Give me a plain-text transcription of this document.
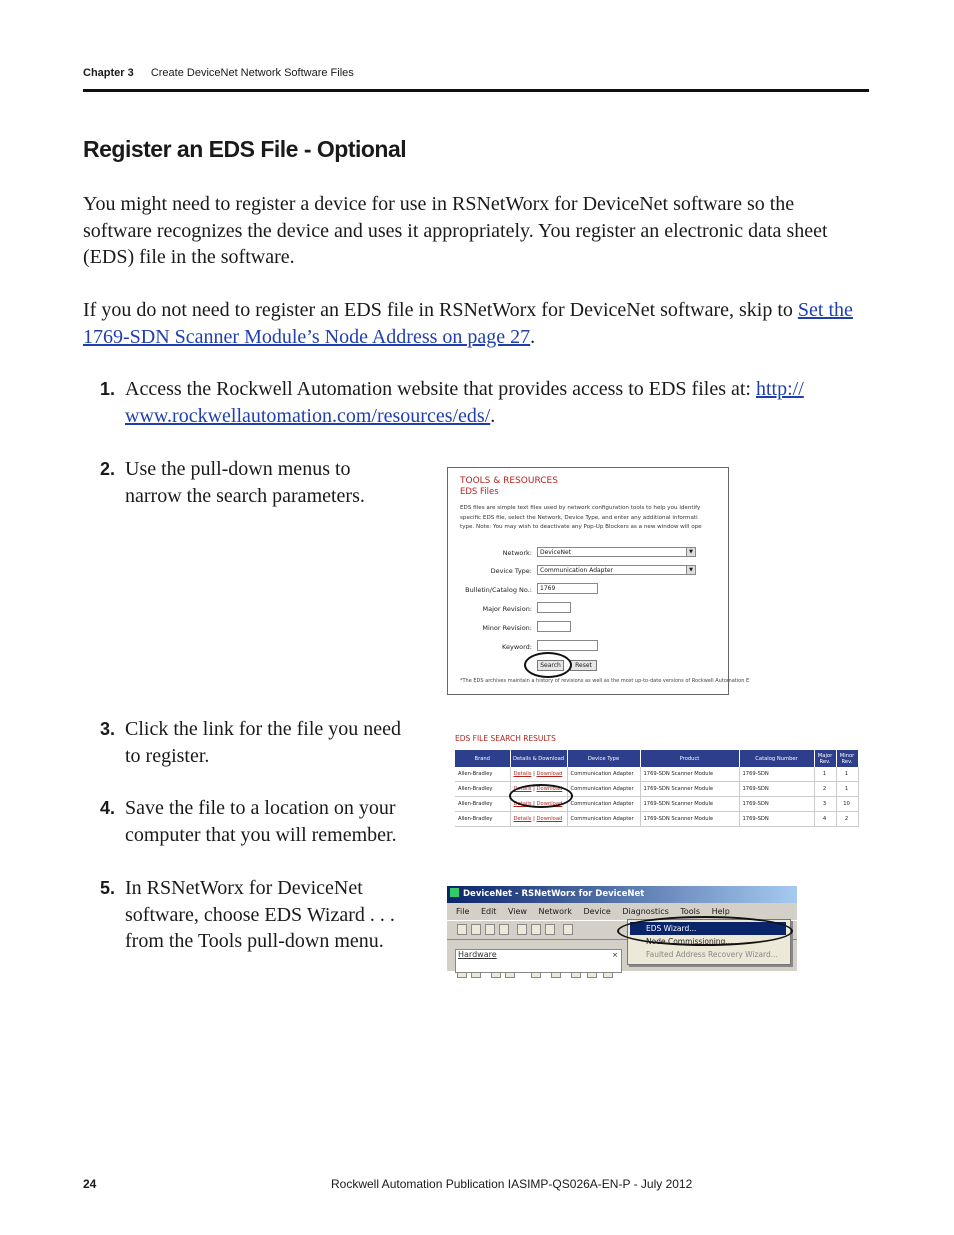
Chapter 3 Create DeviceNet Network Software Files
Register an EDS File - Optional
You might need to register a device for use in RSNetWorx for DeviceNet software so the
software recognizes the device and uses it appropriately. You register an electronic data sheet
(EDS) file in the software.
If you do not need to register an EDS file in RSNetWorx for DeviceNet software, skip to Set the
1769-SDN Scanner Module’s Node Address on page 27.
1. Access the Rockwell Automation website that provides access to EDS files at: http://
www.rockwellautomation.com/resources/eds/.
2. Use the pull-down menus to
narrow the search parameters.
3. Click the link for the file you need
to register.
4. Save the file to a location on your
computer that you will remember.
5. In RSNetWorx for DeviceNet
software, choose EDS Wizard . . .
from the Tools pull-down menu.
TOOLS & RESOURCES
EDS Files
EDS files are simple text files used by network configuration tools to help you identify
specific EDS file, select the Network, Device Type, and enter any additional informati
type. Note: You may wish to deactivate any Pop-Up Blockers as a new window will ope
Network:	DeviceNet	▼
Device Type:	Communication Adapter	▼
Bulletin/Catalog No.:	1769
Major Revision:
Minor Revision:
Keyword:
Search	Reset
*The EDS archives maintain a history of revisions as well as the most up-to-date versions of Rockwell Automation E
EDS FILE SEARCH RESULTS
Brand	Details & Download	Device Type	Product	Catalog Number	Major Rev.	Minor Rev.
Allen-Bradley	Details | Download	Communication Adapter	1769-SDN Scanner Module	1769-SDN	1	1
Allen-Bradley	Details | Download	Communication Adapter	1769-SDN Scanner Module	1769-SDN	2	1
Allen-Bradley	Details | Download	Communication Adapter	1769-SDN Scanner Module	1769-SDN	3	10
Allen-Bradley	Details | Download	Communication Adapter	1769-SDN Scanner Module	1769-SDN	4	2
DeviceNet - RSNetWorx for DeviceNet
File Edit View Network Device Diagnostics Tools Help
Hardware	×
EDS Wizard...
Node Commissioning...
Faulted Address Recovery Wizard...
24	Rockwell Automation Publication IASIMP-QS026A-EN-P - July 2012
